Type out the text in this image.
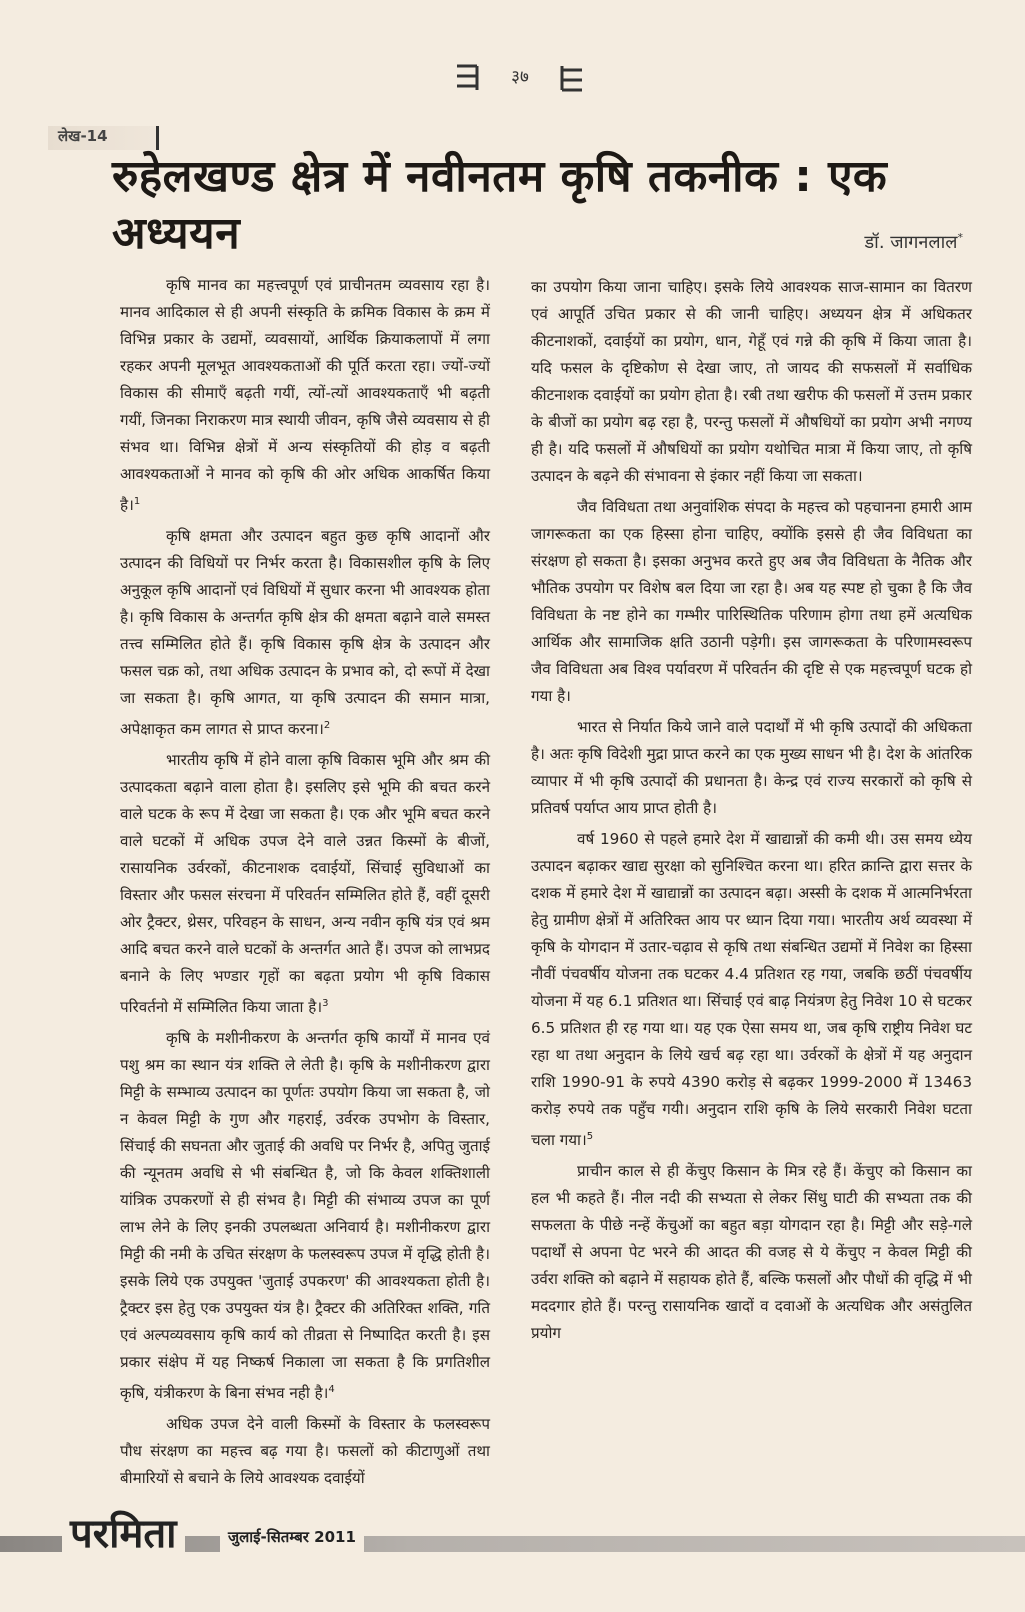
३७
लेख-14
रुहेलखण्ड क्षेत्र में नवीनतम कृषि तकनीक : एक अध्ययन	डॉ. जागनलाल*

कृषि मानव का महत्त्वपूर्ण एवं प्राचीनतम व्यवसाय रहा है। मानव आदिकाल से ही अपनी संस्कृति के क्रमिक विकास के क्रम में विभिन्न प्रकार के उद्यमों, व्यवसायों, आर्थिक क्रियाकलापों में लगा रहकर अपनी मूलभूत आवश्यकताओं की पूर्ति करता रहा। ज्यों-ज्यों विकास की सीमाएँ बढ़ती गयीं, त्यों-त्यों आवश्यकताएँ भी बढ़ती गयीं, जिनका निराकरण मात्र स्थायी जीवन, कृषि जैसे व्यवसाय से ही संभव था। विभिन्न क्षेत्रों में अन्य संस्कृतियों की होड़ व बढ़ती आवश्यकताओं ने मानव को कृषि की ओर अधिक आकर्षित किया है।$^1$

कृषि क्षमता और उत्पादन बहुत कुछ कृषि आदानों और उत्पादन की विधियों पर निर्भर करता है। विकासशील कृषि के लिए अनुकूल कृषि आदानों एवं विधियों में सुधार करना भी आवश्यक होता है। कृषि विकास के अन्तर्गत कृषि क्षेत्र की क्षमता बढ़ाने वाले समस्त तत्त्व सम्मिलित होते हैं। कृषि विकास कृषि क्षेत्र के उत्पादन और फसल चक्र को, तथा अधिक उत्पादन के प्रभाव को, दो रूपों में देखा जा सकता है। कृषि आगत, या कृषि उत्पादन की समान मात्रा, अपेक्षाकृत कम लागत से प्राप्त करना।$^2$

भारतीय कृषि में होने वाला कृषि विकास भूमि और श्रम की उत्पादकता बढ़ाने वाला होता है। इसलिए इसे भूमि की बचत करने वाले घटक के रूप में देखा जा सकता है। एक और भूमि बचत करने वाले घटकों में अधिक उपज देने वाले उन्नत किस्मों के बीजों, रासायनिक उर्वरकों, कीटनाशक दवाईयों, सिंचाई सुविधाओं का विस्तार और फसल संरचना में परिवर्तन सम्मिलित होते हैं, वहीं दूसरी ओर ट्रैक्टर, थ्रेसर, परिवहन के साधन, अन्य नवीन कृषि यंत्र एवं श्रम आदि बचत करने वाले घटकों के अन्तर्गत आते हैं। उपज को लाभप्रद बनाने के लिए भण्डार गृहों का बढ़ता प्रयोग भी कृषि विकास परिवर्तनो में सम्मिलित किया जाता है।$^3$

कृषि के मशीनीकरण के अन्तर्गत कृषि कार्यों में मानव एवं पशु श्रम का स्थान यंत्र शक्ति ले लेती है। कृषि के मशीनीकरण द्वारा मिट्टी के सम्भाव्य उत्पादन का पूर्णतः उपयोग किया जा सकता है, जो न केवल मिट्टी के गुण और गहराई, उर्वरक उपभोग के विस्तार, सिंचाई की सघनता और जुताई की अवधि पर निर्भर है, अपितु जुताई की न्यूनतम अवधि से भी संबन्धित है, जो कि केवल शक्तिशाली यांत्रिक उपकरणों से ही संभव है। मिट्टी की संभाव्य उपज का पूर्ण लाभ लेने के लिए इनकी उपलब्धता अनिवार्य है। मशीनीकरण द्वारा मिट्टी की नमी के उचित संरक्षण के फलस्वरूप उपज में वृद्धि होती है। इसके लिये एक उपयुक्त 'जुताई उपकरण' की आवश्यकता होती है। ट्रैक्टर इस हेतु एक उपयुक्त यंत्र है। ट्रैक्टर की अतिरिक्त शक्ति, गति एवं अल्पव्यवसाय कृषि कार्य को तीव्रता से निष्पादित करती है। इस प्रकार संक्षेप में यह निष्कर्ष निकाला जा सकता है कि प्रगतिशील कृषि, यंत्रीकरण के बिना संभव नही है।$^4$

अधिक उपज देने वाली किस्मों के विस्तार के फलस्वरूप पौध संरक्षण का महत्त्व बढ़ गया है। फसलों को कीटाणुओं तथा बीमारियों से बचाने के लिये आवश्यक दवाईयों

का उपयोग किया जाना चाहिए। इसके लिये आवश्यक साज-सामान का वितरण एवं आपूर्ति उचित प्रकार से की जानी चाहिए। अध्ययन क्षेत्र में अधिकतर कीटनाशकों, दवाईयों का प्रयोग, धान, गेहूँ एवं गन्ने की कृषि में किया जाता है। यदि फसल के दृष्टिकोण से देखा जाए, तो जायद की सफसलों में सर्वाधिक कीटनाशक दवाईयों का प्रयोग होता है। रबी तथा खरीफ की फसलों में उत्तम प्रकार के बीजों का प्रयोग बढ़ रहा है, परन्तु फसलों में औषधियों का प्रयोग अभी नगण्य ही है। यदि फसलों में औषधियों का प्रयोग यथोचित मात्रा में किया जाए, तो कृषि उत्पादन के बढ़ने की संभावना से इंकार नहीं किया जा सकता।

जैव विविधता तथा अनुवांशिक संपदा के महत्त्व को पहचानना हमारी आम जागरूकता का एक हिस्सा होना चाहिए, क्योंकि इससे ही जैव विविधता का संरक्षण हो सकता है। इसका अनुभव करते हुए अब जैव विविधता के नैतिक और भौतिक उपयोग पर विशेष बल दिया जा रहा है। अब यह स्पष्ट हो चुका है कि जैव विविधता के नष्ट होने का गम्भीर पारिस्थितिक परिणाम होगा तथा हमें अत्यधिक आर्थिक और सामाजिक क्षति उठानी पड़ेगी। इस जागरूकता के परिणामस्वरूप जैव विविधता अब विश्व पर्यावरण में परिवर्तन की दृष्टि से एक महत्त्वपूर्ण घटक हो गया है।

भारत से निर्यात किये जाने वाले पदार्थों में भी कृषि उत्पादों की अधिकता है। अतः कृषि विदेशी मुद्रा प्राप्त करने का एक मुख्य साधन भी है। देश के आंतरिक व्यापार में भी कृषि उत्पादों की प्रधानता है। केन्द्र एवं राज्य सरकारों को कृषि से प्रतिवर्ष पर्याप्त आय प्राप्त होती है।

वर्ष 1960 से पहले हमारे देश में खाद्यान्नों की कमी थी। उस समय ध्येय उत्पादन बढ़ाकर खाद्य सुरक्षा को सुनिश्चित करना था। हरित क्रान्ति द्वारा सत्तर के दशक में हमारे देश में खाद्यान्नों का उत्पादन बढ़ा। अस्सी के दशक में आत्मनिर्भरता हेतु ग्रामीण क्षेत्रों में अतिरिक्त आय पर ध्यान दिया गया। भारतीय अर्थ व्यवस्था में कृषि के योगदान में उतार-चढ़ाव से कृषि तथा संबन्धित उद्यमों में निवेश का हिस्सा नौवीं पंचवर्षीय योजना तक घटकर 4.4 प्रतिशत रह गया, जबकि छठीं पंचवर्षीय योजना में यह 6.1 प्रतिशत था। सिंचाई एवं बाढ़ नियंत्रण हेतु निवेश 10 से घटकर 6.5 प्रतिशत ही रह गया था। यह एक ऐसा समय था, जब कृषि राष्ट्रीय निवेश घट रहा था तथा अनुदान के लिये खर्च बढ़ रहा था। उर्वरकों के क्षेत्रों में यह अनुदान राशि 1990-91 के रुपये 4390 करोड़ से बढ़कर 1999-2000 में 13463 करोड़ रुपये तक पहुँच गयी। अनुदान राशि कृषि के लिये सरकारी निवेश घटता चला गया।$^5$

प्राचीन काल से ही केंचुए किसान के मित्र रहे हैं। केंचुए को किसान का हल भी कहते हैं। नील नदी की सभ्यता से लेकर सिंधु घाटी की सभ्यता तक की सफलता के पीछे नन्हें केंचुओं का बहुत बड़ा योगदान रहा है। मिट्टी और सड़े-गले पदार्थों से अपना पेट भरने की आदत की वजह से ये केंचुए न केवल मिट्टी की उर्वरा शक्ति को बढ़ाने में सहायक होते हैं, बल्कि फसलों और पौधों की वृद्धि में भी मददगार होते हैं। परन्तु रासायनिक खादों व दवाओं के अत्यधिक और असंतुलित प्रयोग

परमिता	जुलाई-सितम्बर 2011
